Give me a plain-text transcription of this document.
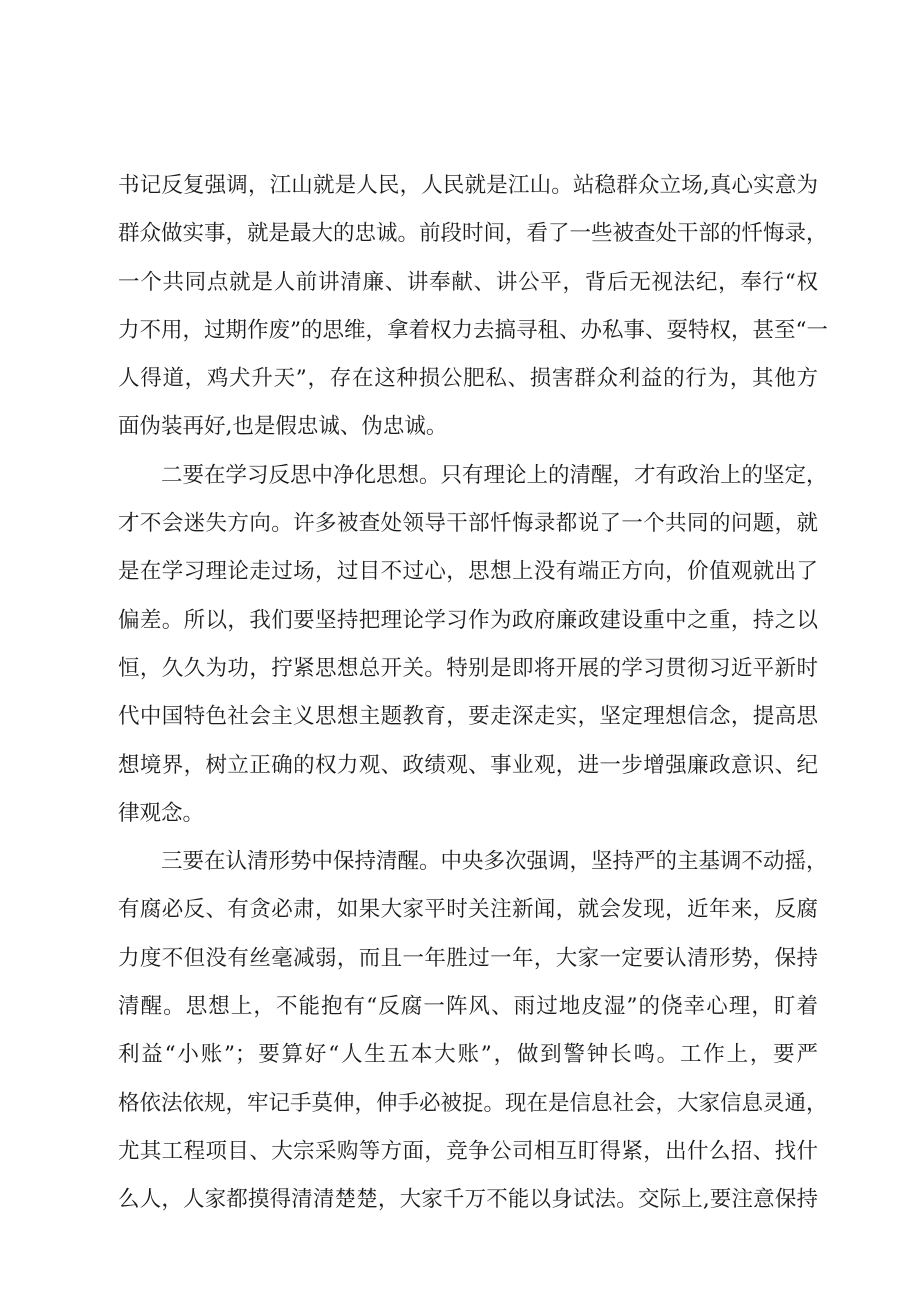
书记反复强调，江山就是人民，人民就是江山。站稳群众立场,真心实意为
群众做实事，就是最大的忠诚。前段时间，看了一些被查处干部的忏悔录，
一个共同点就是人前讲清廉、讲奉献、讲公平，背后无视法纪，奉行“权
力不用，过期作废”的思维，拿着权力去搞寻租、办私事、耍特权，甚至“一
人得道，鸡犬升天”，存在这种损公肥私、损害群众利益的行为，其他方
面伪装再好,也是假忠诚、伪忠诚。
二要在学习反思中净化思想。只有理论上的清醒，才有政治上的坚定，
才不会迷失方向。许多被查处领导干部忏悔录都说了一个共同的问题，就
是在学习理论走过场，过目不过心，思想上没有端正方向，价值观就出了
偏差。所以，我们要坚持把理论学习作为政府廉政建设重中之重，持之以
恒，久久为功，拧紧思想总开关。特别是即将开展的学习贯彻习近平新时
代中国特色社会主义思想主题教育，要走深走实，坚定理想信念，提高思
想境界，树立正确的权力观、政绩观、事业观，进一步增强廉政意识、纪
律观念。
三要在认清形势中保持清醒。中央多次强调，坚持严的主基调不动摇，
有腐必反、有贪必肃，如果大家平时关注新闻，就会发现，近年来，反腐
力度不但没有丝毫减弱，而且一年胜过一年，大家一定要认清形势，保持
清醒。思想上，不能抱有“反腐一阵风、雨过地皮湿”的侥幸心理，盯着
利益“小账”；要算好“人生五本大账”，做到警钟长鸣。工作上，要严
格依法依规，牢记手莫伸，伸手必被捉。现在是信息社会，大家信息灵通，
尤其工程项目、大宗采购等方面，竞争公司相互盯得紧，出什么招、找什
么人，人家都摸得清清楚楚，大家千万不能以身试法。交际上,要注意保持
